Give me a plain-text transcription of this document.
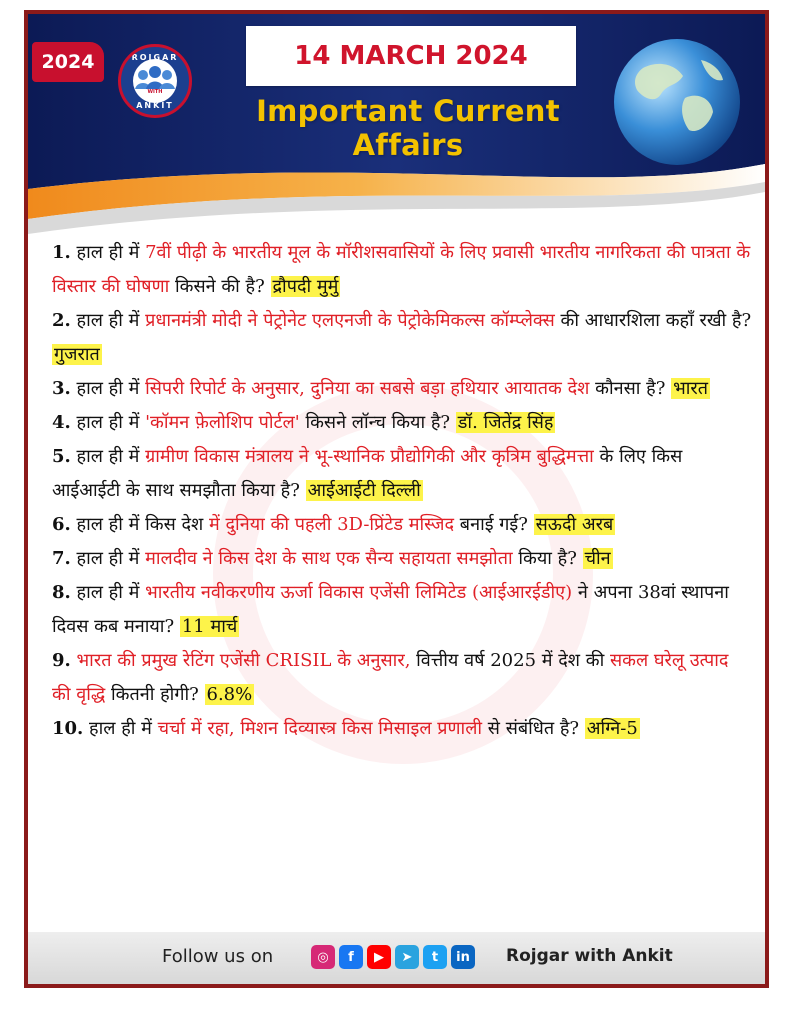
2024	ROJGAR
WITH
ANKIT
14 MARCH 2024
Important Current Affairs

1. हाल ही में 7वीं पीढ़ी के भारतीय मूल के मॉरीशसवासियों के लिए प्रवासी भारतीय नागरिकता की पात्रता के विस्तार की घोषणा किसने की है? द्रौपदी मुर्मु

2. हाल ही में प्रधानमंत्री मोदी ने पेट्रोनेट एलएनजी के पेट्रोकेमिकल्स कॉम्प्लेक्स की आधारशिला कहाँ रखी है? गुजरात

3. हाल ही में सिपरी रिपोर्ट के अनुसार, दुनिया का सबसे बड़ा हथियार आयातक देश कौनसा है? भारत

4. हाल ही में 'कॉमन फ़ेलोशिप पोर्टल' किसने लॉन्च किया है? डॉ. जितेंद्र सिंह

5. हाल ही में ग्रामीण विकास मंत्रालय ने भू-स्थानिक प्रौद्योगिकी और कृत्रिम बुद्धिमत्ता के लिए किस आईआईटी के साथ समझौता किया है? आईआईटी दिल्ली

6. हाल ही में किस देश में दुनिया की पहली 3D-प्रिंटेड मस्जिद बनाई गई? सऊदी अरब

7. हाल ही में मालदीव ने किस देश के साथ एक सैन्य सहायता समझोता किया है? चीन

8. हाल ही में भारतीय नवीकरणीय ऊर्जा विकास एजेंसी लिमिटेड (आईआरईडीए) ने अपना 38वां स्थापना दिवस कब मनाया? 11 मार्च

9. भारत की प्रमुख रेटिंग एजेंसी CRISIL के अनुसार, वित्तीय वर्ष 2025 में देश की सकल घरेलू उत्पाद की वृद्धि कितनी होगी? 6.8%

10. हाल ही में चर्चा में रहा, मिशन दिव्यास्त्र किस मिसाइल प्रणाली से संबंधित है? अग्नि-5

Follow us on	◎	f	▶	➤	t	in	Rojgar with Ankit
